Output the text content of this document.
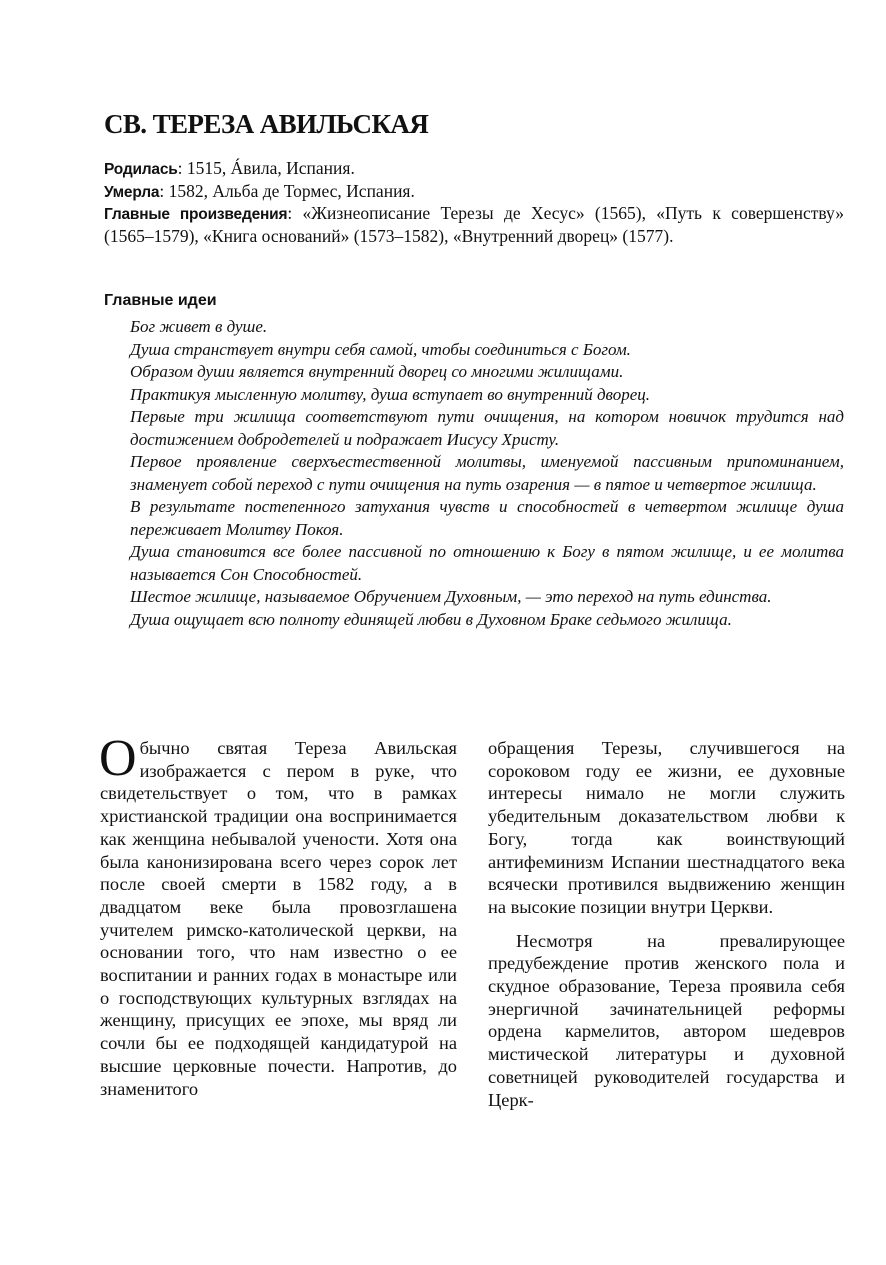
СВ. ТЕРЕЗА АВИЛЬСКАЯ

Родилась: 1515, Áвила, Испания.

Умерла: 1582, Альба де Тормес, Испания.

Главные произведения: «Жизнеописание Терезы де Хесус» (1565), «Путь к совершенству» (1565–1579), «Книга оснований» (1573–1582), «Внутренний дворец» (1577).

Главные идеи
Бог живет в душе.
Душа странствует внутри себя самой, чтобы соединиться с Богом.
Образом души является внутренний дворец со многими жилищами.
Практикуя мысленную молитву, душа вступает во внутренний дворец.
Первые три жилища соответствуют пути очищения, на котором новичок трудится над достижением добродетелей и подражает Иисусу Христу.
Первое проявление сверхъестественной молитвы, именуемой пассивным припоминанием, знаменует собой переход с пути очищения на путь озарения — в пятое и четвертое жилища.
В результате постепенного затухания чувств и способностей в четвертом жилище душа переживает Молитву Покоя.
Душа становится все более пассивной по отношению к Богу в пятом жилище, и ее молитва называется Сон Способностей.
Шестое жилище, называемое Обручением Духовным, — это переход на путь единства.
Душа ощущает всю полноту единящей любви в Духовном Браке седьмого жилища.

Обычно святая Тереза Авильская изображается с пером в руке, что свидетельствует о том, что в рамках христианской традиции она воспринимается как женщина небывалой учености. Хотя она была канонизирована всего через сорок лет после своей смерти в 1582 году, а в двадцатом веке была провозглашена учителем римско-католической церкви, на основании того, что нам известно о ее воспитании и ранних годах в монастыре или о господствующих культурных взглядах на женщину, присущих ее эпохе, мы вряд ли сочли бы ее подходящей кандидатурой на высшие церковные почести. Напротив, до знаменитого

обращения Терезы, случившегося на сороковом году ее жизни, ее духовные интересы нимало не могли служить убедительным доказательством любви к Богу, тогда как воинствующий антифеминизм Испании шестнадцатого века всячески противился выдвижению женщин на высокие позиции внутри Церкви.

Несмотря на превалирующее предубеждение против женского пола и скудное образование, Тереза проявила себя энергичной зачинательницей реформы ордена кармелитов, автором шедевров мистической литературы и духовной советницей руководителей государства и Церк-
